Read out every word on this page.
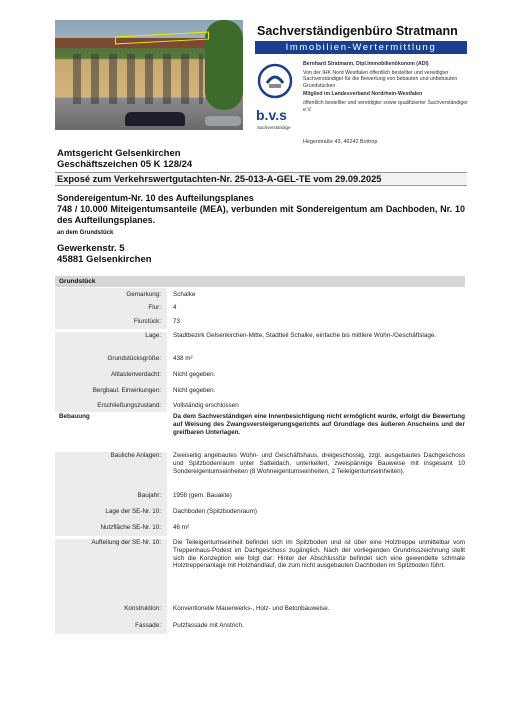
Sachverständigenbüro Stratmann
Immobilien-Wertermittlung
b.v.s
Sachverständige

Bernhard Stratmann, Dipl.Immobilienökonom (ADI)

Von der IHK Nord Westfalen öffentlich bestellter und vereidigter Sachverständiger für die Bewertung von bebauten und unbebauten Grundstücken

Mitglied im Landesverband Nordrhein-Westfalen

öffentlich bestellter und vereidigter sowie qualifizierter Sachverständiger e.V.

Hegerstraße 43, 46242 Bottrop
Amtsgericht Gelsenkirchen
Geschäftszeichen 05 K 128/24
Exposé zum Verkehrswertgutachten-Nr. 25-013-A-GEL-TE vom 29.09.2025
Sondereigentum-Nr. 10 des Aufteilungsplanes
748 / 10.000 Miteigentumsanteile (MEA), verbunden mit Sondereigentum am Dachboden, Nr. 10 des Aufteilungsplanes.
an dem Grundstück
Gewerkenstr. 5
45881 Gelsenkirchen
Grundstück
Gemarkung:	Schalke
Flur:	4
Flurstück:	73
Lage:	Stadtbezirk Gelsenkirchen-Mitte, Stadtteil Schalke, einfache bis mittlere Wohn-/Geschäftslage.
Grundstücksgröße:	438 m²
Altlastenverdacht:	Nicht gegeben.
Bergbaul. Einwirkungen:	Nicht gegeben.
Erschließungszustand:	Vollständig erschlossen
Bebauung	Da dem Sachverständigen eine Innenbesichtigung nicht ermöglicht wurde, erfolgt die Bewertung auf Weisung des Zwangsversteigerungsgerichts auf Grundlage des äußeren Anscheins und der greifbaren Unterlagen.
Bauliche Anlagen:	Zweiseitig angebautes Wohn- und Geschäftshaus, dreigeschossig, zzgl. ausgebautes Dachgeschoss und Spitzbodenraum unter Satteldach, unterkellert, zweispännige Bauweise mit insgesamt 10 Sondereigentumseinheiten (8 Wohneigentumseinheiten, 2 Teileigentumseinheiten).
Baujahr:	1958 (gem. Bauakte)
Lage der SE-Nr. 10:	Dachboden (Spitzbodenraum)
Nutzfläche SE-Nr. 10:	46 m²
Aufteilung der SE-Nr. 10:	Die Teileigentumseinheit befindet sich im Spitzboden und ist über eine Holztreppe unmittelbar vom Treppenhaus-Podest im Dachgeschoss zugänglich. Nach der vorliegenden Grundrisszeichnung stellt sich die Konzeption wie folgt dar: Hinter der Abschlusstür befindet sich eine gewendelte schmale Holztreppenanlage mit Holzhandlauf, die zum nicht ausgebauten Dachboden im Spitzboden führt.
Konstruktion:	Konventionelle Mauerwerks-, Holz- und Betonbauweise.
Fassade:	Putzfassade mit Anstrich.
